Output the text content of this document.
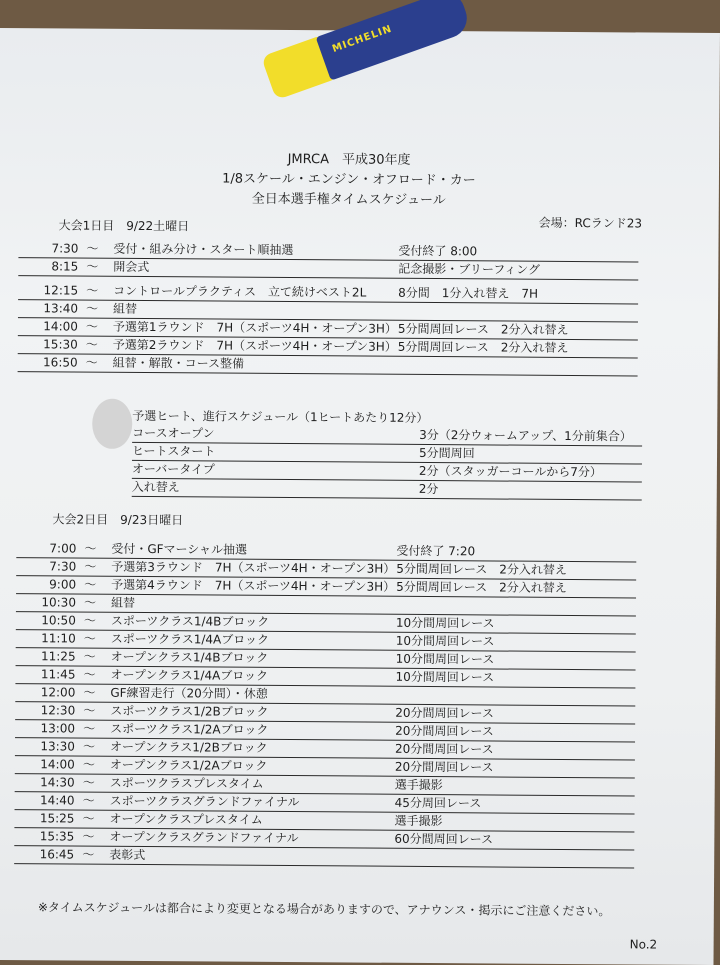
MICHELIN
JMRCA　平成30年度
1/8スケール・エンジン・オフロード・カー
全日本選手権タイムスケジュール
大会1日目　9/22土曜日	会場：RCランド23
7:30 ～ 受付・組み分け・スタート順抽選	受付終了 8:00
8:15 ～ 開会式	記念撮影・ブリーフィング
12:15 ～ コントロールプラクティス　立て続けベスト2L	8分間　1分入れ替え　7H
13:40 ～ 組替
14:00 ～ 予選第1ラウンド　7H（スポーツ4H・オープン3H） 5分間周回レース　2分入れ替え
15:30 ～ 予選第2ラウンド　7H（スポーツ4H・オープン3H） 5分間周回レース　2分入れ替え
16:50 ～ 組替・解散・コース整備
予選ヒート、進行スケジュール（1ヒートあたり12分）
コースオープン	3分（2分ウォームアップ、1分前集合）
ヒートスタート	5分間周回
オーバータイプ	2分（スタッガーコールから7分）
入れ替え	2分
大会2日目　9/23日曜日
7:00 ～ 受付・GFマーシャル抽選	受付終了 7:20
7:30 ～ 予選第3ラウンド　7H（スポーツ4H・オープン3H） 5分間周回レース　2分入れ替え
9:00 ～ 予選第4ラウンド　7H（スポーツ4H・オープン3H） 5分間周回レース　2分入れ替え
10:30 ～ 組替
10:50 ～ スポーツクラス1/4Bブロック	10分間周回レース
11:10 ～ スポーツクラス1/4Aブロック	10分間周回レース
11:25 ～ オープンクラス1/4Bブロック	10分間周回レース
11:45 ～ オープンクラス1/4Aブロック	10分間周回レース
12:00 ～ GF練習走行（20分間）・休憩
12:30 ～ スポーツクラス1/2Bブロック	20分間周回レース
13:00 ～ スポーツクラス1/2Aブロック	20分間周回レース
13:30 ～ オープンクラス1/2Bブロック	20分間周回レース
14:00 ～ オープンクラス1/2Aブロック	20分間周回レース
14:30 ～ スポーツクラスプレスタイム	選手撮影
14:40 ～ スポーツクラスグランドファイナル	45分周回レース
15:25 ～ オープンクラスプレスタイム	選手撮影
15:35 ～ オープンクラスグランドファイナル	60分間周回レース
16:45 ～ 表彰式
※タイムスケジュールは都合により変更となる場合がありますので、アナウンス・掲示にご注意ください。
No.2
